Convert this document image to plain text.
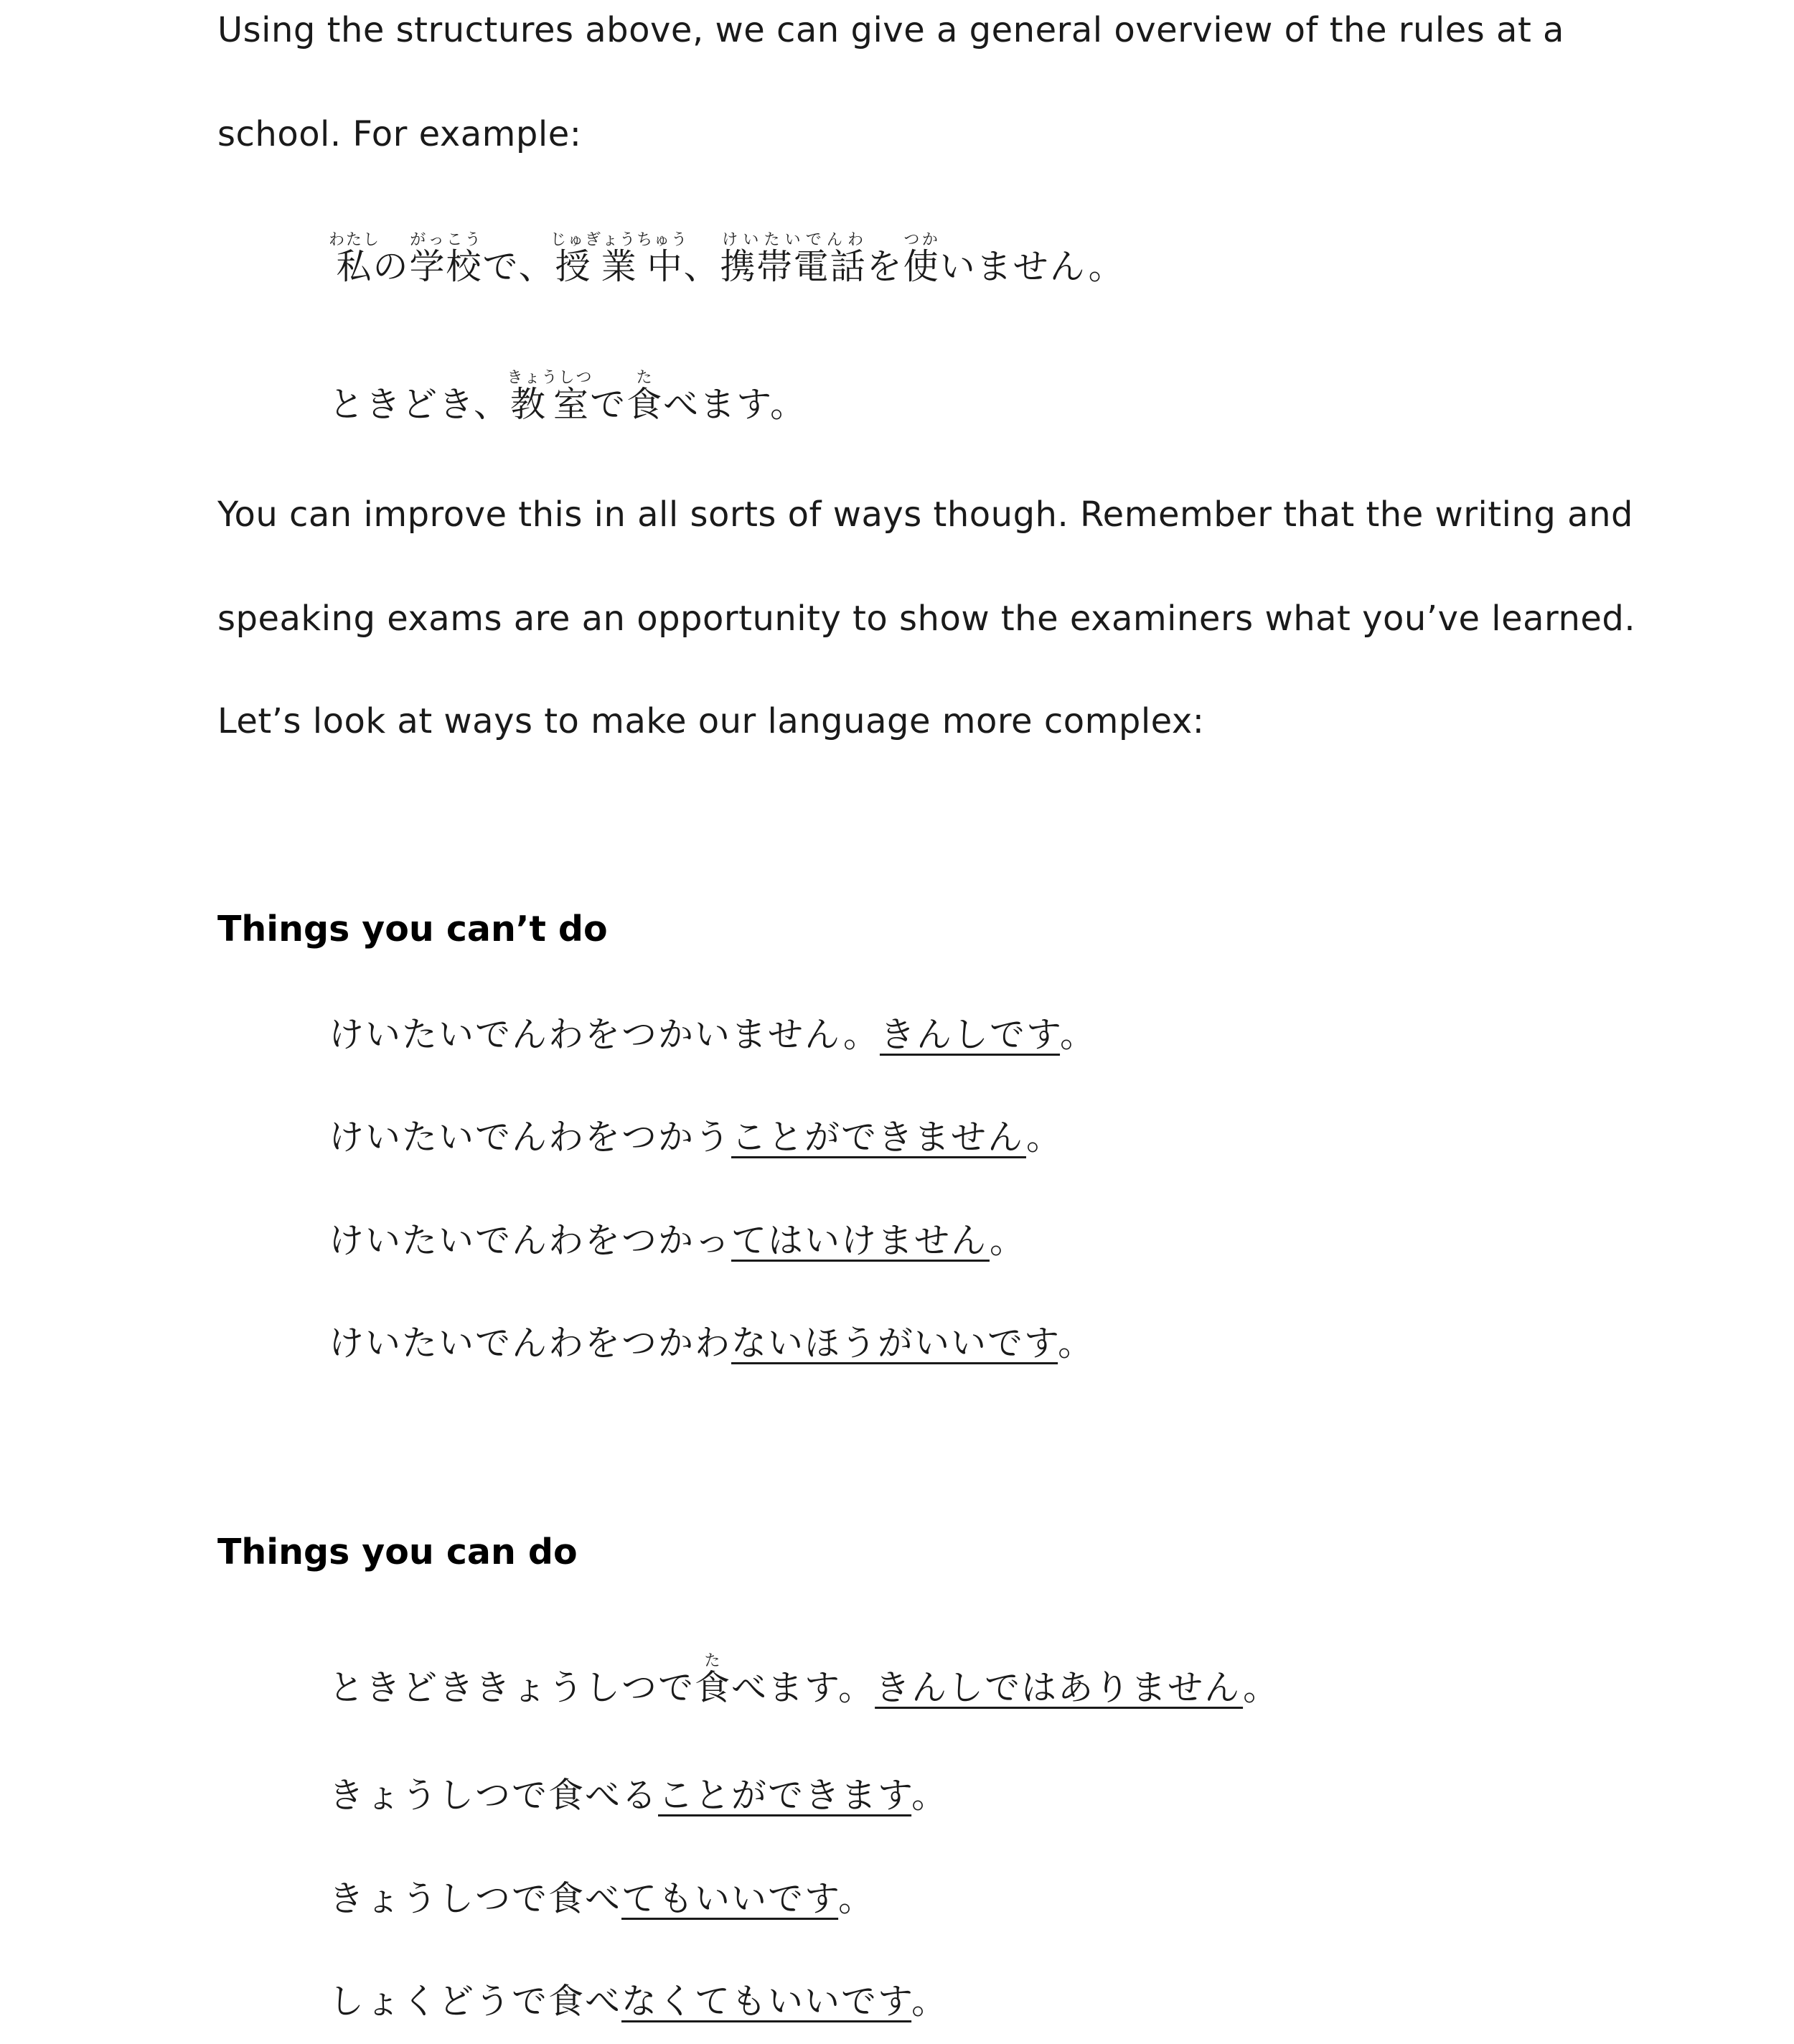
Using the structures above, we can give a general overview of the rules at a

school. For example:

私わたしの学校がっこうで、授業中じゅぎょうちゅう、携帯電話けいたいでんわを使つかいません。

ときどき、教室きょうしつで食たべます。

You can improve this in all sorts of ways though. Remember that the writing and

speaking exams are an opportunity to show the examiners what you’ve learned.

Let’s look at ways to make our language more complex:

Things you can’t do

けいたいでんわをつかいません。きんしです。

けいたいでんわをつかうことができません。

けいたいでんわをつかってはいけません。

けいたいでんわをつかわないほうがいいです。

Things you can do

ときどききょうしつで食たべます。きんしではありません。

きょうしつで食べることができます。

きょうしつで食べてもいいです。

しょくどうで食べなくてもいいです。
